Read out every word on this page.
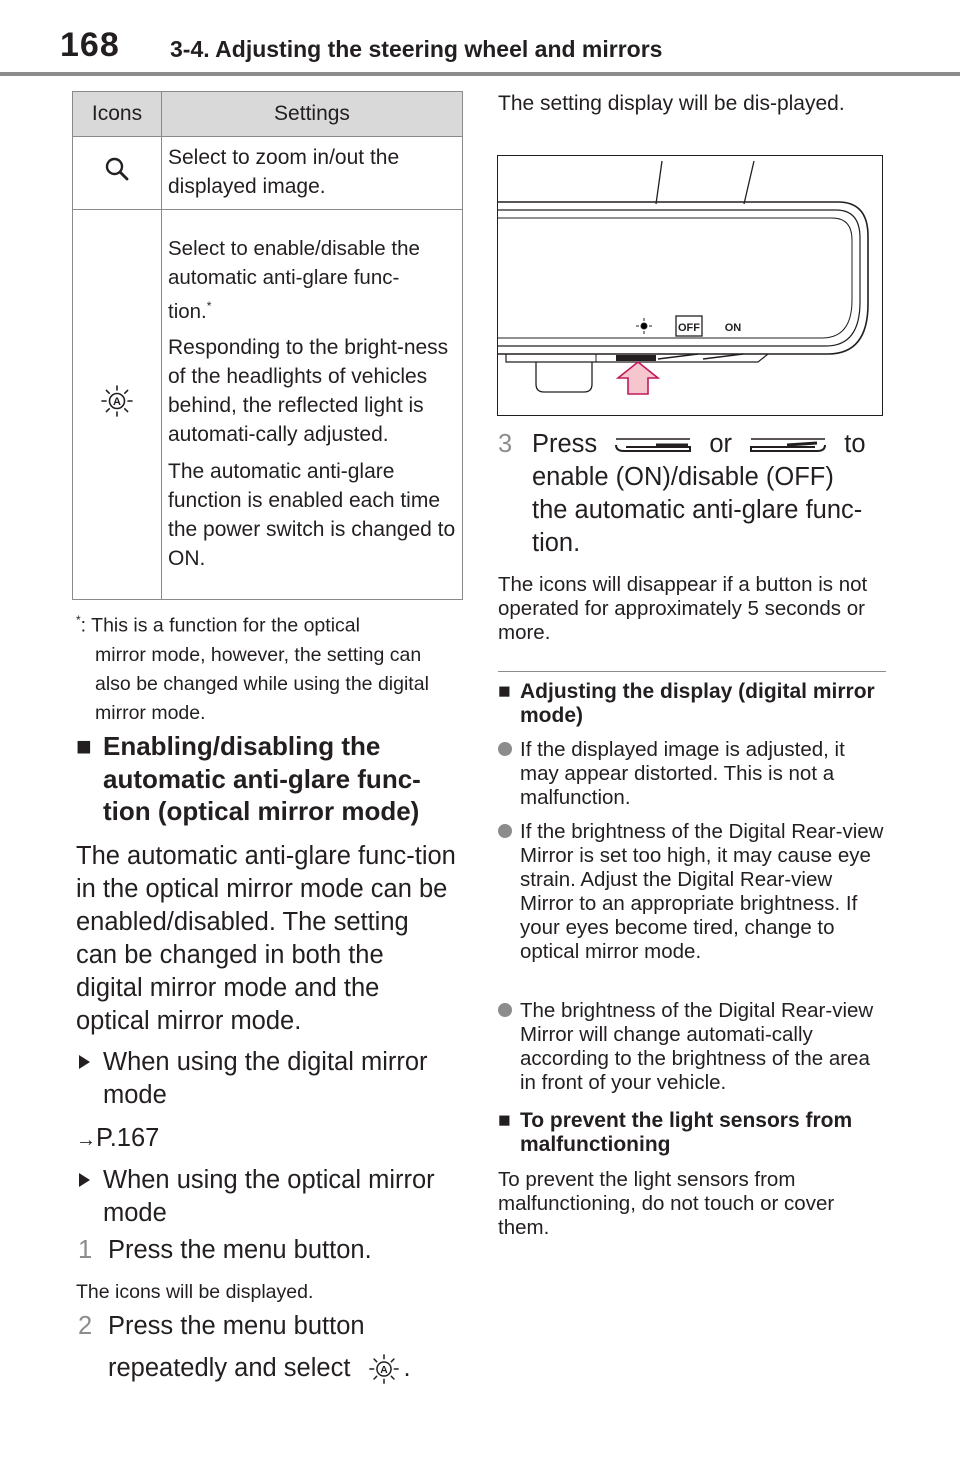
168 3-4. Adjusting the steering wheel and mirrors
Icons	Settings

Select to zoom in/out the displayed image.

A	Select to enable/disable the automatic anti-glare func-
tion.*

Responding to the bright-ness of the headlights of vehicles behind, the reflected light is automati-cally adjusted.

The automatic anti-glare function is enabled each time the power switch is changed to ON.

*: This is a function for the optical
mirror mode, however, the setting can also be changed while using the digital mirror mode.
■ Enabling/disabling the automatic anti-glare func-tion (optical mirror mode)
The automatic anti-glare func-tion in the optical mirror mode can be enabled/disabled. The setting can be changed in both the digital mirror mode and the optical mirror mode.
When using the digital mirror mode
→P.167
When using the optical mirror mode
1 Press the menu button.
The icons will be displayed.
2 Press the menu button
repeatedly and select	A .
The setting display will be dis-played.
OFF ON
3 Press	or	to
enable (ON)/disable (OFF)
the automatic anti-glare func-
tion.
The icons will disappear if a button is not operated for approximately 5 seconds or more.
■ Adjusting the display (digital mirror mode)
If the displayed image is adjusted, it may appear distorted. This is not a malfunction.
If the brightness of the Digital Rear-view Mirror is set too high, it may cause eye strain. Adjust the Digital Rear-view Mirror to an appropriate brightness. If your eyes become tired, change to optical mirror mode.
The brightness of the Digital Rear-view Mirror will change automati-cally according to the brightness of the area in front of your vehicle.
■ To prevent the light sensors from malfunctioning
To prevent the light sensors from malfunctioning, do not touch or cover them.
